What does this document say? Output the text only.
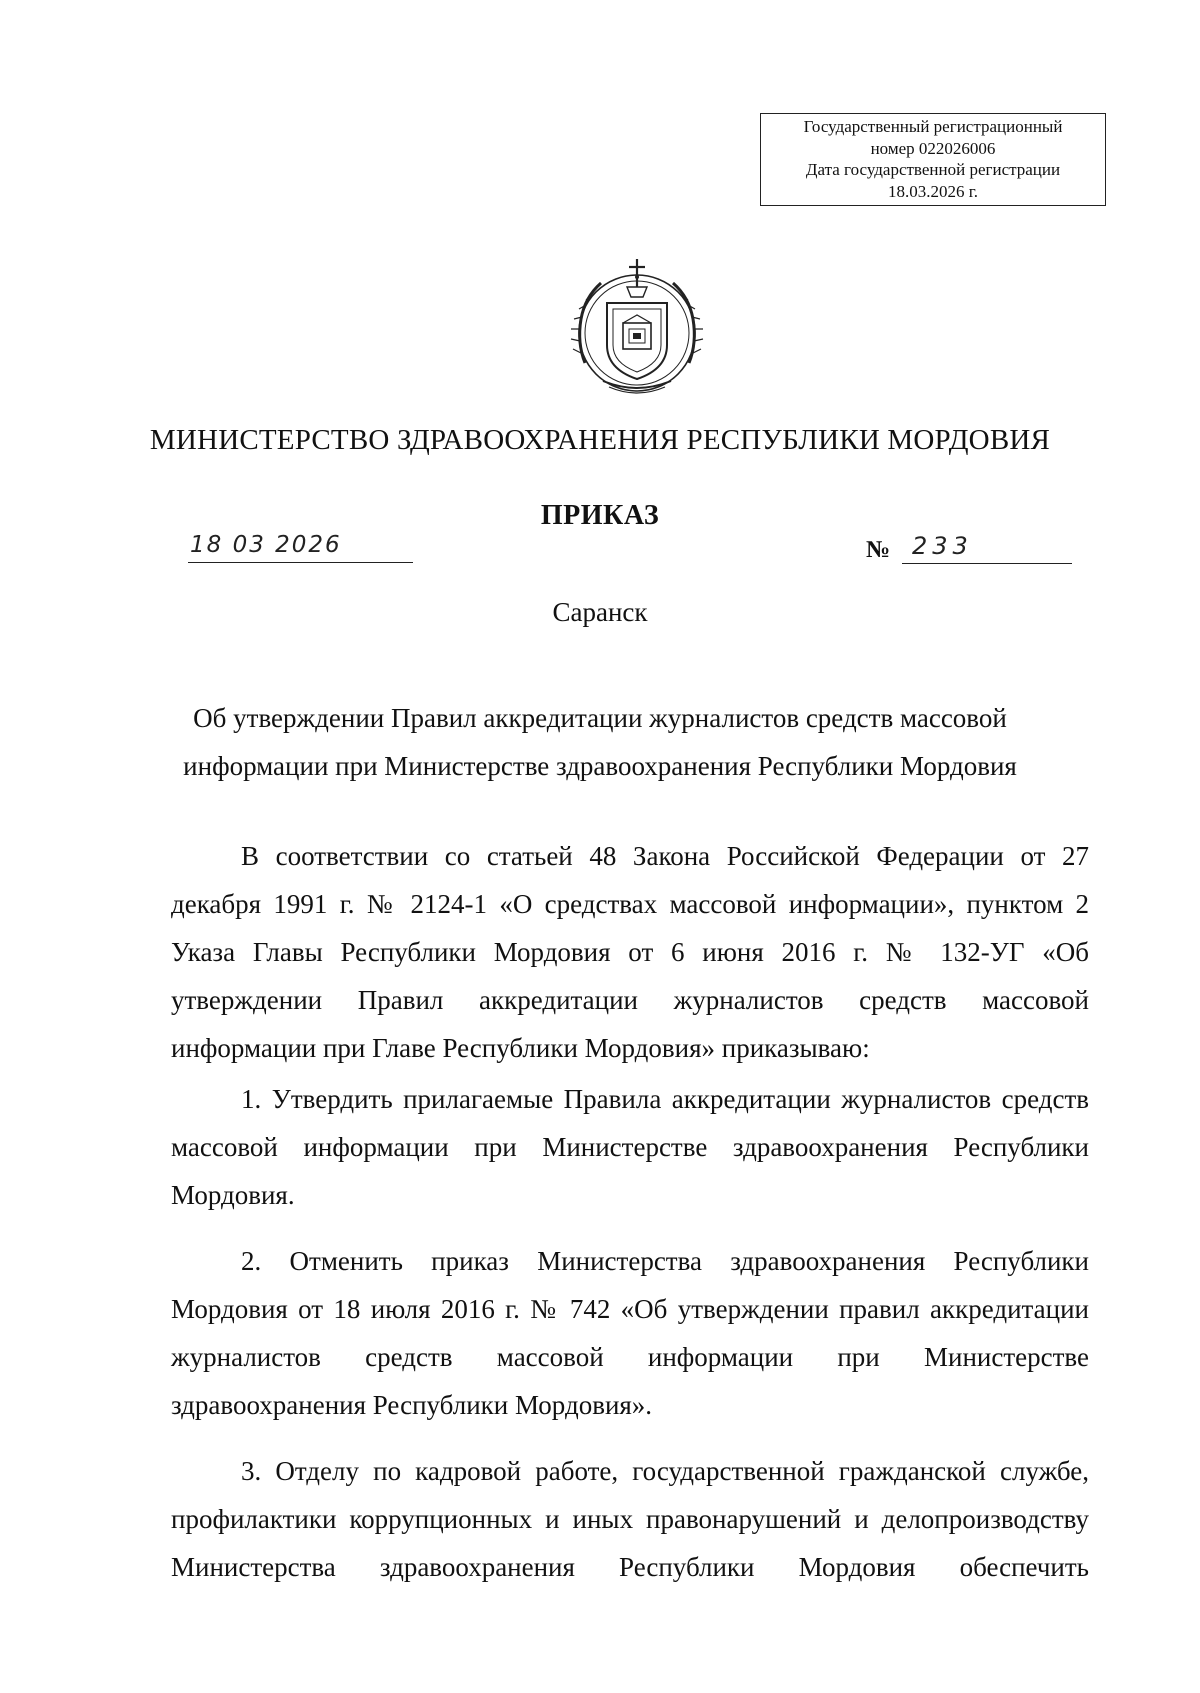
Государственный регистрационный
номер 022026006
Дата государственной регистрации
18.03.2026 г.
МИНИСТЕРСТВО ЗДРАВООХРАНЕНИЯ РЕСПУБЛИКИ МОРДОВИЯ
ПРИКАЗ
18 03 2026	№ 233
Саранск
Об утверждении Правил аккредитации журналистов средств массовой
информации при Министерстве здравоохранения Республики Мордовия

В соответствии со статьей 48 Закона Российской Федерации от 27 декабря 1991 г. № 2124-1 «О средствах массовой информации», пунктом 2 Указа Главы Республики Мордовия от 6 июня 2016 г. № 132-УГ «Об утверждении Правил аккредитации журналистов средств массовой информации при Главе Республики Мордовия» приказываю:

1. Утвердить прилагаемые Правила аккредитации журналистов средств массовой информации при Министерстве здравоохранения Республики Мордовия.

2. Отменить приказ Министерства здравоохранения Республики Мордовия от 18 июля 2016 г. № 742 «Об утверждении правил аккредитации журналистов средств массовой информации при Министерстве здравоохранения Республики Мордовия».

3. Отделу по кадровой работе, государственной гражданской службе, профилактики коррупционных и иных правонарушений и делопроизводству Министерства здравоохранения Республики Мордовия обеспечить
